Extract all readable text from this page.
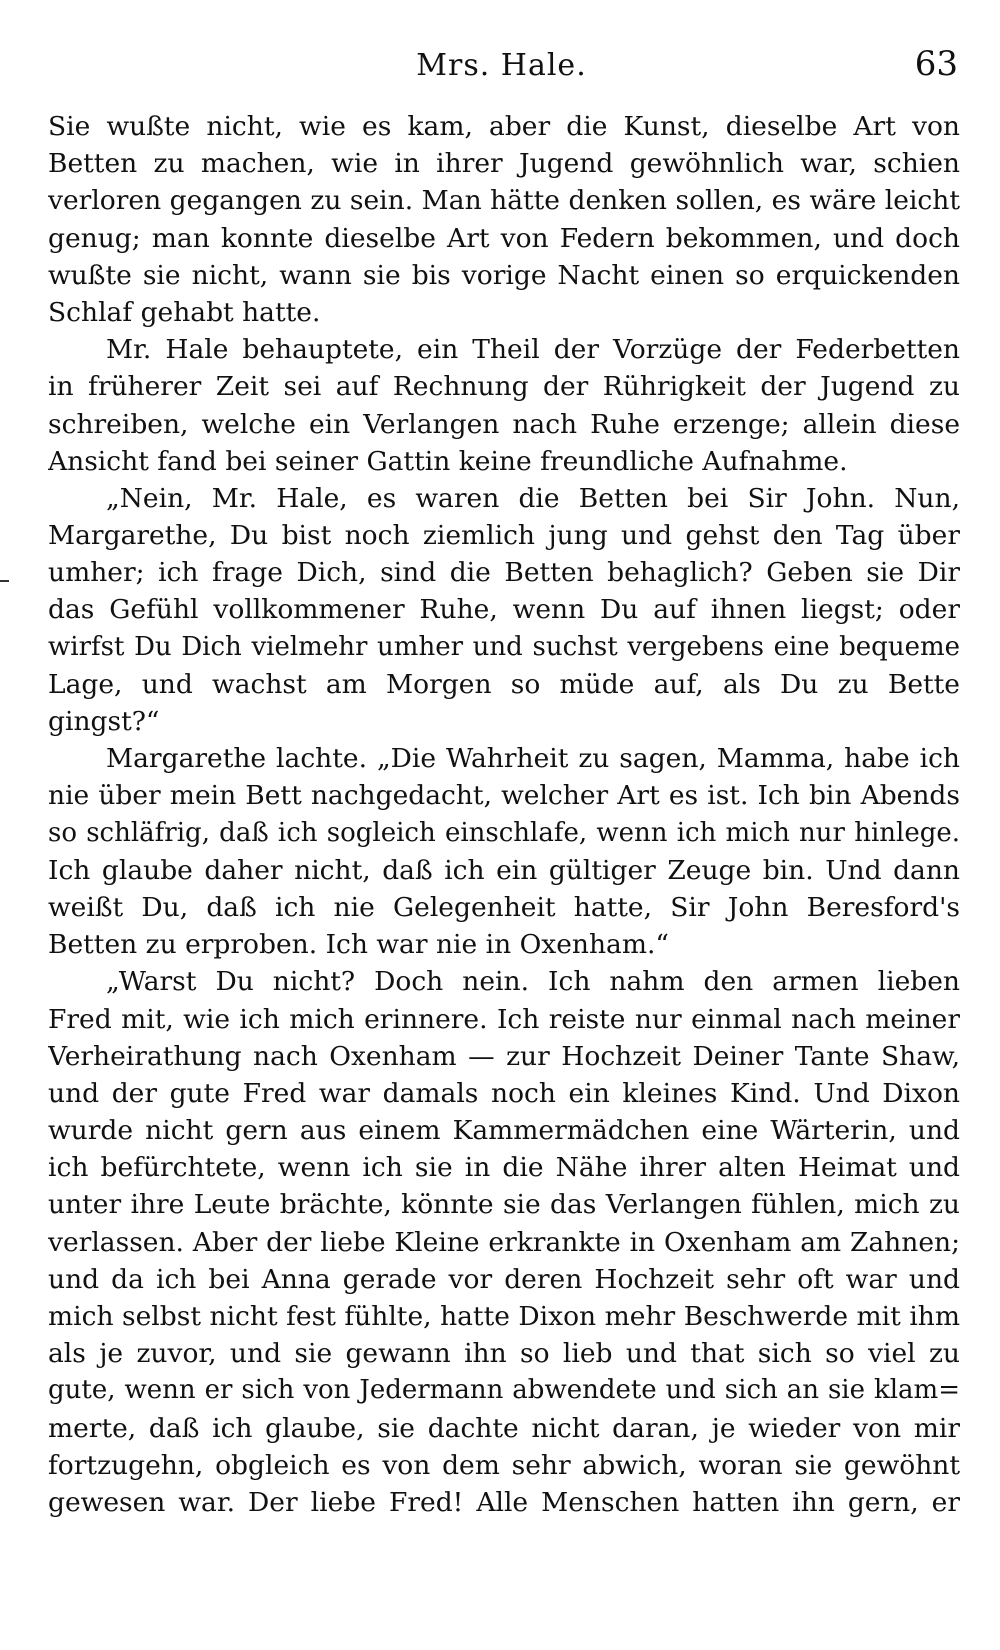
Mrs. Hale.	63
Sie wußte nicht, wie es kam, aber die Kunst, dieselbe Art von
Betten zu machen, wie in ihrer Jugend gewöhnlich war, schien
verloren gegangen zu sein. Man hätte denken sollen, es wäre leicht
genug; man konnte dieselbe Art von Federn bekommen, und doch
wußte sie nicht, wann sie bis vorige Nacht einen so erquickenden
Schlaf gehabt hatte.
Mr. Hale behauptete, ein Theil der Vorzüge der Federbetten
in früherer Zeit sei auf Rechnung der Rührigkeit der Jugend zu
schreiben, welche ein Verlangen nach Ruhe erzenge; allein diese
Ansicht fand bei seiner Gattin keine freundliche Aufnahme.
„Nein, Mr. Hale, es waren die Betten bei Sir John. Nun,
Margarethe, Du bist noch ziemlich jung und gehst den Tag über
umher; ich frage Dich, sind die Betten behaglich? Geben sie Dir
das Gefühl vollkommener Ruhe, wenn Du auf ihnen liegst; oder
wirfst Du Dich vielmehr umher und suchst vergebens eine bequeme
Lage, und wachst am Morgen so müde auf, als Du zu Bette
gingst?“
Margarethe lachte. „Die Wahrheit zu sagen, Mamma, habe ich
nie über mein Bett nachgedacht, welcher Art es ist. Ich bin Abends
so schläfrig, daß ich sogleich einschlafe, wenn ich mich nur hinlege.
Ich glaube daher nicht, daß ich ein gültiger Zeuge bin. Und dann
weißt Du, daß ich nie Gelegenheit hatte, Sir John Beresford's
Betten zu erproben. Ich war nie in Oxenham.“
„Warst Du nicht? Doch nein. Ich nahm den armen lieben
Fred mit, wie ich mich erinnere. Ich reiste nur einmal nach meiner
Verheirathung nach Oxenham — zur Hochzeit Deiner Tante Shaw,
und der gute Fred war damals noch ein kleines Kind. Und Dixon
wurde nicht gern aus einem Kammermädchen eine Wärterin, und
ich befürchtete, wenn ich sie in die Nähe ihrer alten Heimat und
unter ihre Leute brächte, könnte sie das Verlangen fühlen, mich zu
verlassen. Aber der liebe Kleine erkrankte in Oxenham am Zahnen;
und da ich bei Anna gerade vor deren Hochzeit sehr oft war und
mich selbst nicht fest fühlte, hatte Dixon mehr Beschwerde mit ihm
als je zuvor, und sie gewann ihn so lieb und that sich so viel zu
gute, wenn er sich von Jedermann abwendete und sich an sie klam=
merte, daß ich glaube, sie dachte nicht daran, je wieder von mir
fortzugehn, obgleich es von dem sehr abwich, woran sie gewöhnt
gewesen war. Der liebe Fred! Alle Menschen hatten ihn gern, er
